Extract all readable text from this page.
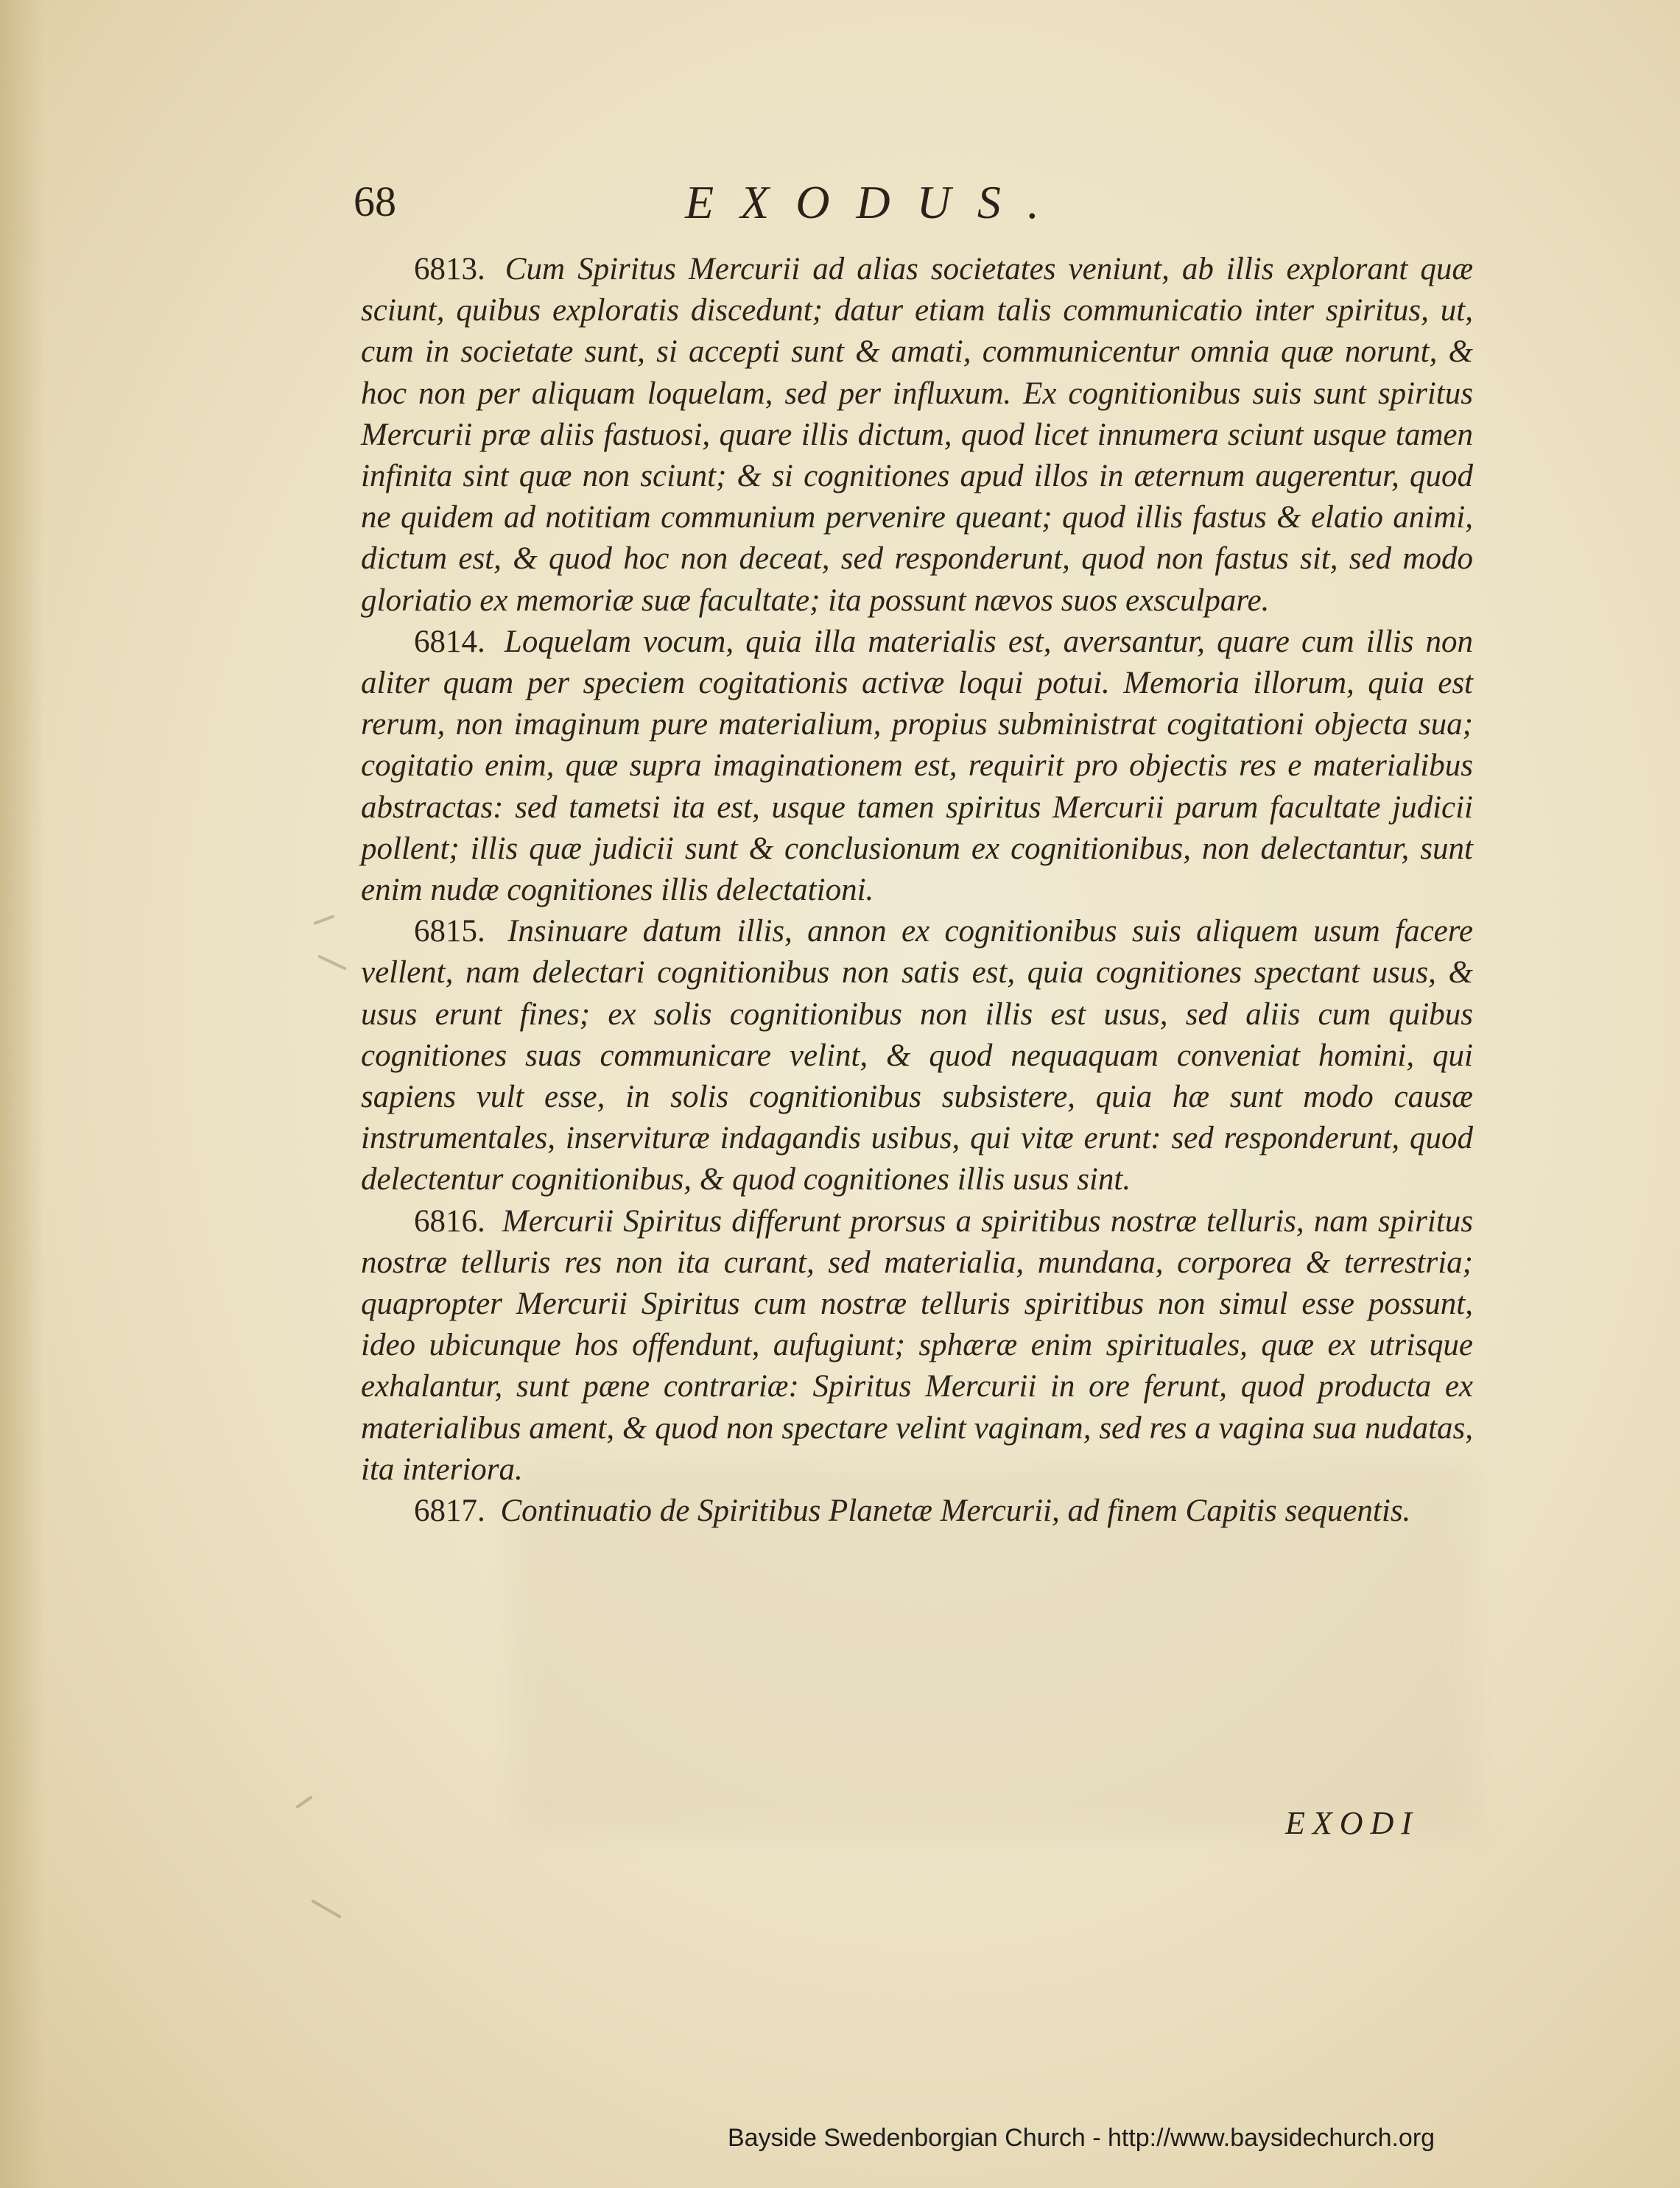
68	EXODUS.

6813. Cum Spiritus Mercurii ad alias societates veniunt, ab illis explorant quæ sciunt, quibus exploratis discedunt; datur etiam talis communicatio inter spiritus, ut, cum in societate sunt, si accepti sunt & amati, communicentur omnia quæ norunt, & hoc non per aliquam loquelam, sed per influxum. Ex cognitionibus suis sunt spiritus Mercurii præ aliis fastuosi, quare illis dictum, quod licet innumera sciunt usque tamen infinita sint quæ non sciunt; & si cognitiones apud illos in æternum augerentur, quod ne quidem ad notitiam communium pervenire queant; quod illis fastus & elatio animi, dictum est, & quod hoc non deceat, sed responderunt, quod non fastus sit, sed modo gloriatio ex memoriæ suæ facultate; ita possunt nævos suos exsculpare.

6814. Loquelam vocum, quia illa materialis est, aversantur, quare cum illis non aliter quam per speciem cogitationis activæ loqui potui. Memoria illorum, quia est rerum, non imaginum pure materialium, propius subministrat cogitationi objecta sua; cogitatio enim, quæ supra imaginationem est, requirit pro objectis res e materialibus abstractas: sed tametsi ita est, usque tamen spiritus Mercurii parum facultate judicii pollent; illis quæ judicii sunt & conclusionum ex cognitionibus, non delectantur, sunt enim nudæ cognitiones illis delectationi.

6815. Insinuare datum illis, annon ex cognitionibus suis aliquem usum facere vellent, nam delectari cognitionibus non satis est, quia cognitiones spectant usus, & usus erunt fines; ex solis cognitionibus non illis est usus, sed aliis cum quibus cognitiones suas communicare velint, & quod nequaquam conveniat homini, qui sapiens vult esse, in solis cognitionibus subsistere, quia hæ sunt modo causæ instrumentales, inservituræ indagandis usibus, qui vitæ erunt: sed responderunt, quod delectentur cognitionibus, & quod cognitiones illis usus sint.

6816. Mercurii Spiritus differunt prorsus a spiritibus nostræ telluris, nam spiritus nostræ telluris res non ita curant, sed materialia, mundana, corporea & terrestria; quapropter Mercurii Spiritus cum nostræ telluris spiritibus non simul esse possunt, ideo ubicunque hos offendunt, aufugiunt; sphæræ enim spirituales, quæ ex utrisque exhalantur, sunt pæne contrariæ: Spiritus Mercurii in ore ferunt, quod producta ex materialibus ament, & quod non spectare velint vaginam, sed res a vagina sua nudatas, ita interiora.

6817. Continuatio de Spiritibus Planetæ Mercurii, ad finem Capitis sequentis.

EXODI
Bayside Swedenborgian Church - http://www.baysidechurch.org
